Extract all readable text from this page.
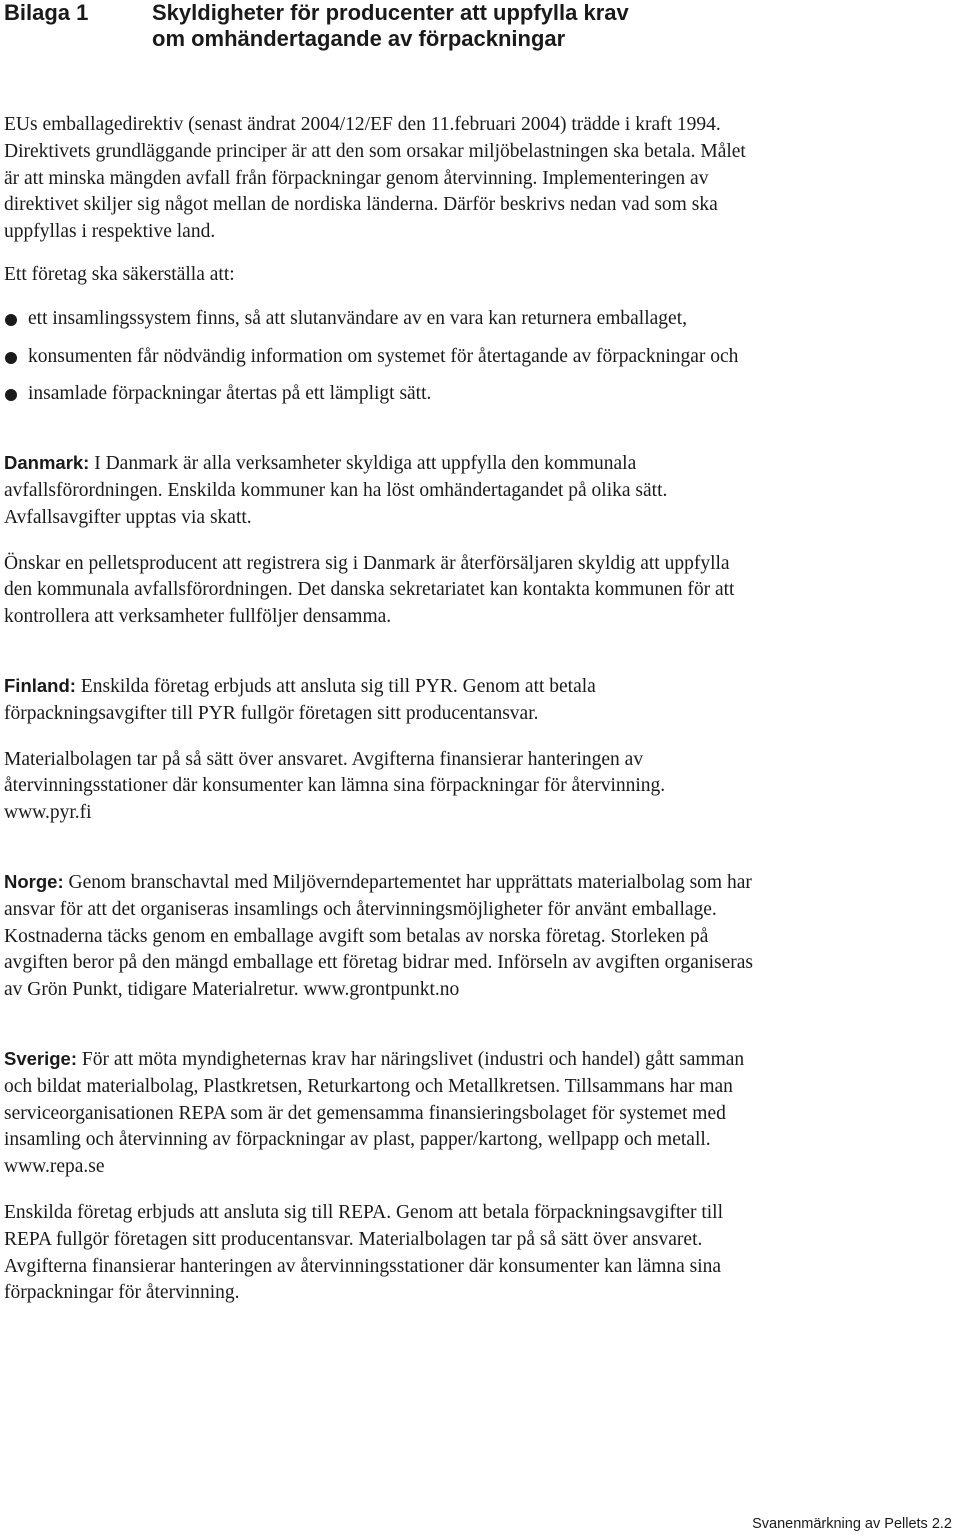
Bilaga 1	Skyldigheter för producenter att uppfylla krav
om omhändertagande av förpackningar

EUs emballagedirektiv (senast ändrat 2004/12/EF den 11.februari 2004) trädde i kraft 1994. Direktivets grundläggande principer är att den som orsakar miljöbelastningen ska betala. Målet är att minska mängden avfall från förpackningar genom återvinning. Implementeringen av direktivet skiljer sig något mellan de nordiska länderna. Därför beskrivs nedan vad som ska uppfyllas i respektive land.

Ett företag ska säkerställa att:

ett insamlingssystem finns, så att slutanvändare av en vara kan returnera emballaget,
konsumenten får nödvändig information om systemet för återtagande av förpackningar och
insamlade förpackningar återtas på ett lämpligt sätt.

Danmark: I Danmark är alla verksamheter skyldiga att uppfylla den kommunala avfallsförordningen. Enskilda kommuner kan ha löst omhändertagandet på olika sätt. Avfallsavgifter upptas via skatt.

Önskar en pelletsproducent att registrera sig i Danmark är återförsäljaren skyldig att uppfylla den kommunala avfallsförordningen. Det danska sekretariatet kan kontakta kommunen för att kontrollera att verksamheter fullföljer densamma.

Finland: Enskilda företag erbjuds att ansluta sig till PYR. Genom att betala förpackningsavgifter till PYR fullgör företagen sitt producentansvar.

Materialbolagen tar på så sätt över ansvaret. Avgifterna finansierar hanteringen av återvinningsstationer där konsumenter kan lämna sina förpackningar för återvinning. www.pyr.fi

Norge: Genom branschavtal med Miljöverndepartementet har upprättats materialbolag som har ansvar för att det organiseras insamlings och återvinningsmöjligheter för använt emballage. Kostnaderna täcks genom en emballage avgift som betalas av norska företag. Storleken på avgiften beror på den mängd emballage ett företag bidrar med. Införseln av avgiften organiseras av Grön Punkt, tidigare Materialretur. www.grontpunkt.no

Sverige: För att möta myndigheternas krav har näringslivet (industri och handel) gått samman och bildat materialbolag, Plastkretsen, Returkartong och Metallkretsen. Tillsammans har man serviceorganisationen REPA som är det gemensamma finansieringsbolaget för systemet med insamling och återvinning av förpackningar av plast, papper/kartong, wellpapp och metall. www.repa.se

Enskilda företag erbjuds att ansluta sig till REPA. Genom att betala förpackningsavgifter till REPA fullgör företagen sitt producentansvar. Materialbolagen tar på så sätt över ansvaret. Avgifterna finansierar hanteringen av återvinningsstationer där konsumenter kan lämna sina förpackningar för återvinning.

Svanenmärkning av Pellets 2.2
